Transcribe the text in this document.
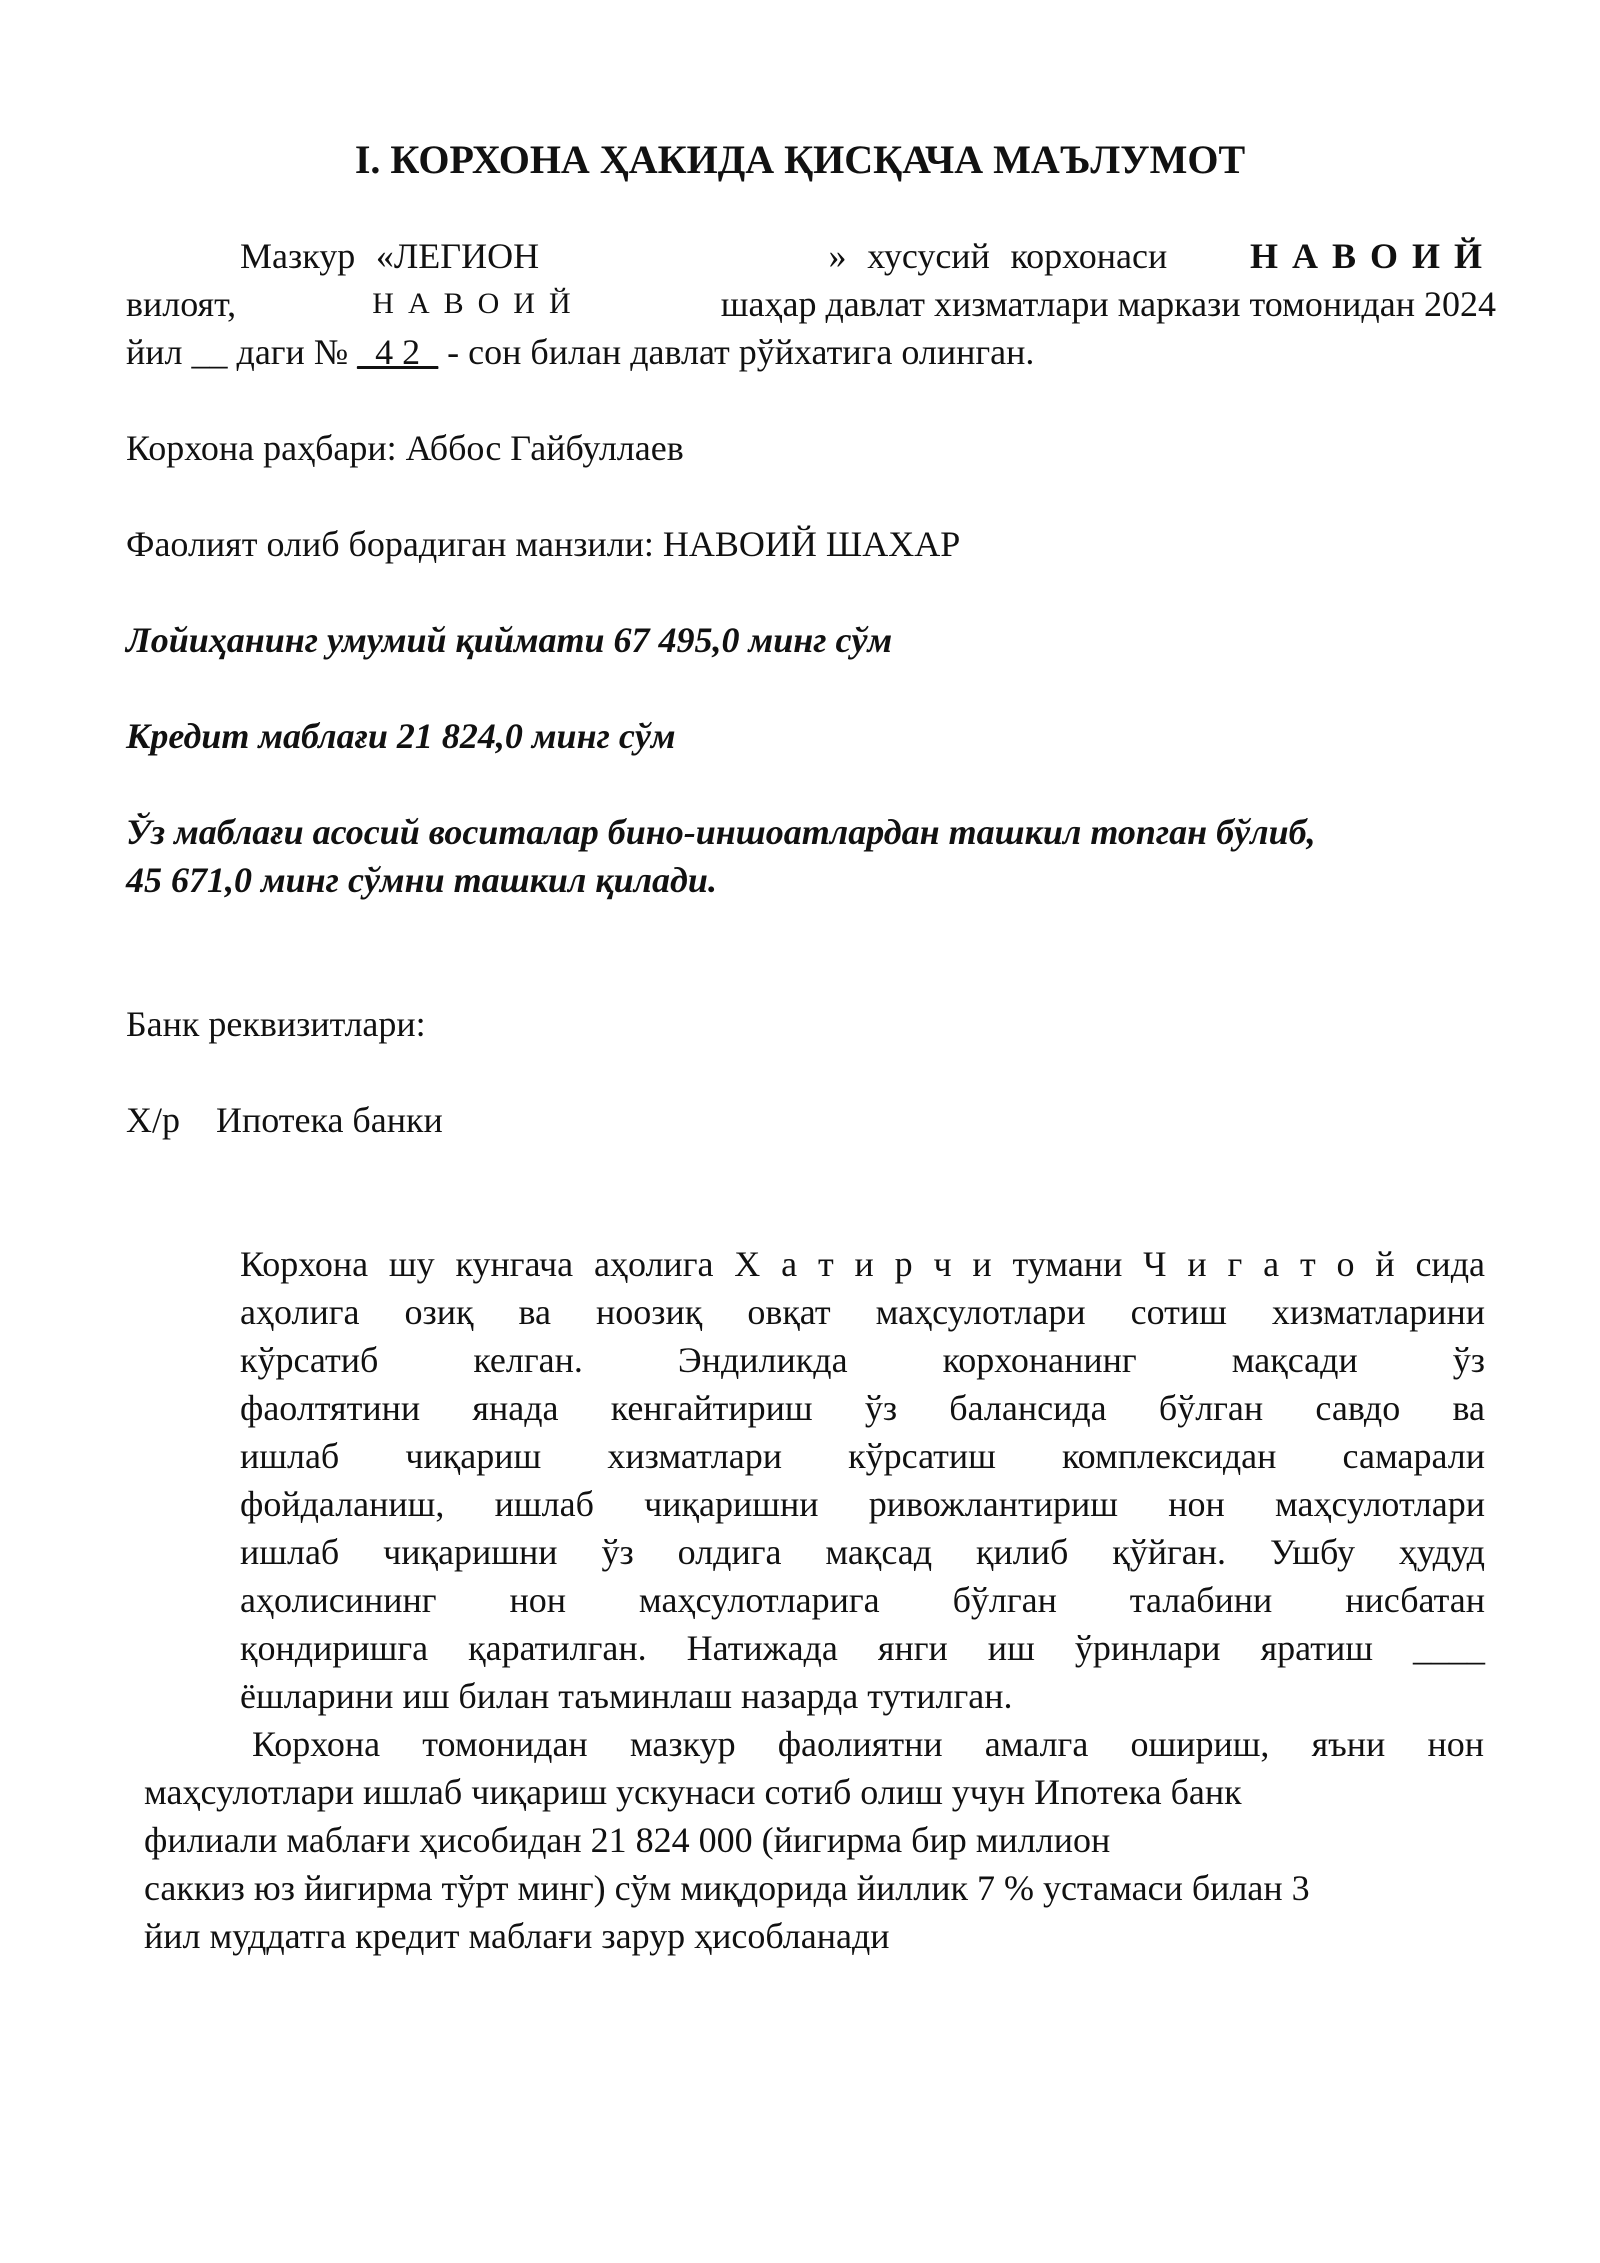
I. КОРХОНА ҲАКИДА ҚИСҚАЧА МАЪЛУМОТ
Мазкур «ЛЕГИОН	» хусусий корхонаси НАВОИЙ
вилоят,	НАВОИЙ	шаҳар давлат хизматлари маркази томонидан 2024
йил __ даги № _4 2_ - сон билан давлат рўйхатига олинган.

Корхона раҳбари: Аббос Гайбуллаев

Фаолият олиб борадиган манзили: НАВОИЙ ШАХАР

Лойиҳанинг умумий қиймати 67 495,0 минг сўм

Кредит маблағи 21 824,0 минг сўм

Ўз маблағи асосий воситалар бино-иншоатлардан ташкил топган бўлиб,
45 671,0 минг сўмни ташкил қилади.

Банк реквизитлари:

Х/р    Ипотека банки

Корхона шу кунгача аҳолига Х а т и р ч и тумани Ч и г а т о й сида
аҳолига озиқ ва ноозиқ овқат маҳсулотлари сотиш хизматларини
кўрсатиб келган. Эндиликда корхонанинг мақсади ўз
фаолтятини янада кенгайтириш ўз балансида бўлган савдо ва
ишлаб чиқариш хизматлари кўрсатиш комплексидан самарали
фойдаланиш, ишлаб чиқаришни ривожлантириш нон маҳсулотлари
ишлаб чиқаришни ўз олдига мақсад қилиб қўйган. Ушбу ҳудуд
аҳолисининг нон маҳсулотларига бўлган талабини нисбатан
қондиришга қаратилган. Натижада янги иш ўринлари яратиш ____
ёшларини иш билан таъминлаш назарда тутилган.
Корхона томонидан мазкур фаолиятни амалга ошириш, яъни нон
маҳсулотлари ишлаб чиқариш ускунаси сотиб олиш учун Ипотека банк
филиали маблағи ҳисобидан 21 824 000 (йигирма бир миллион
саккиз юз йигирма тўрт минг) сўм миқдорида йиллик 7 % устамаси билан 3
йил муддатга кредит маблағи зарур ҳисобланади
